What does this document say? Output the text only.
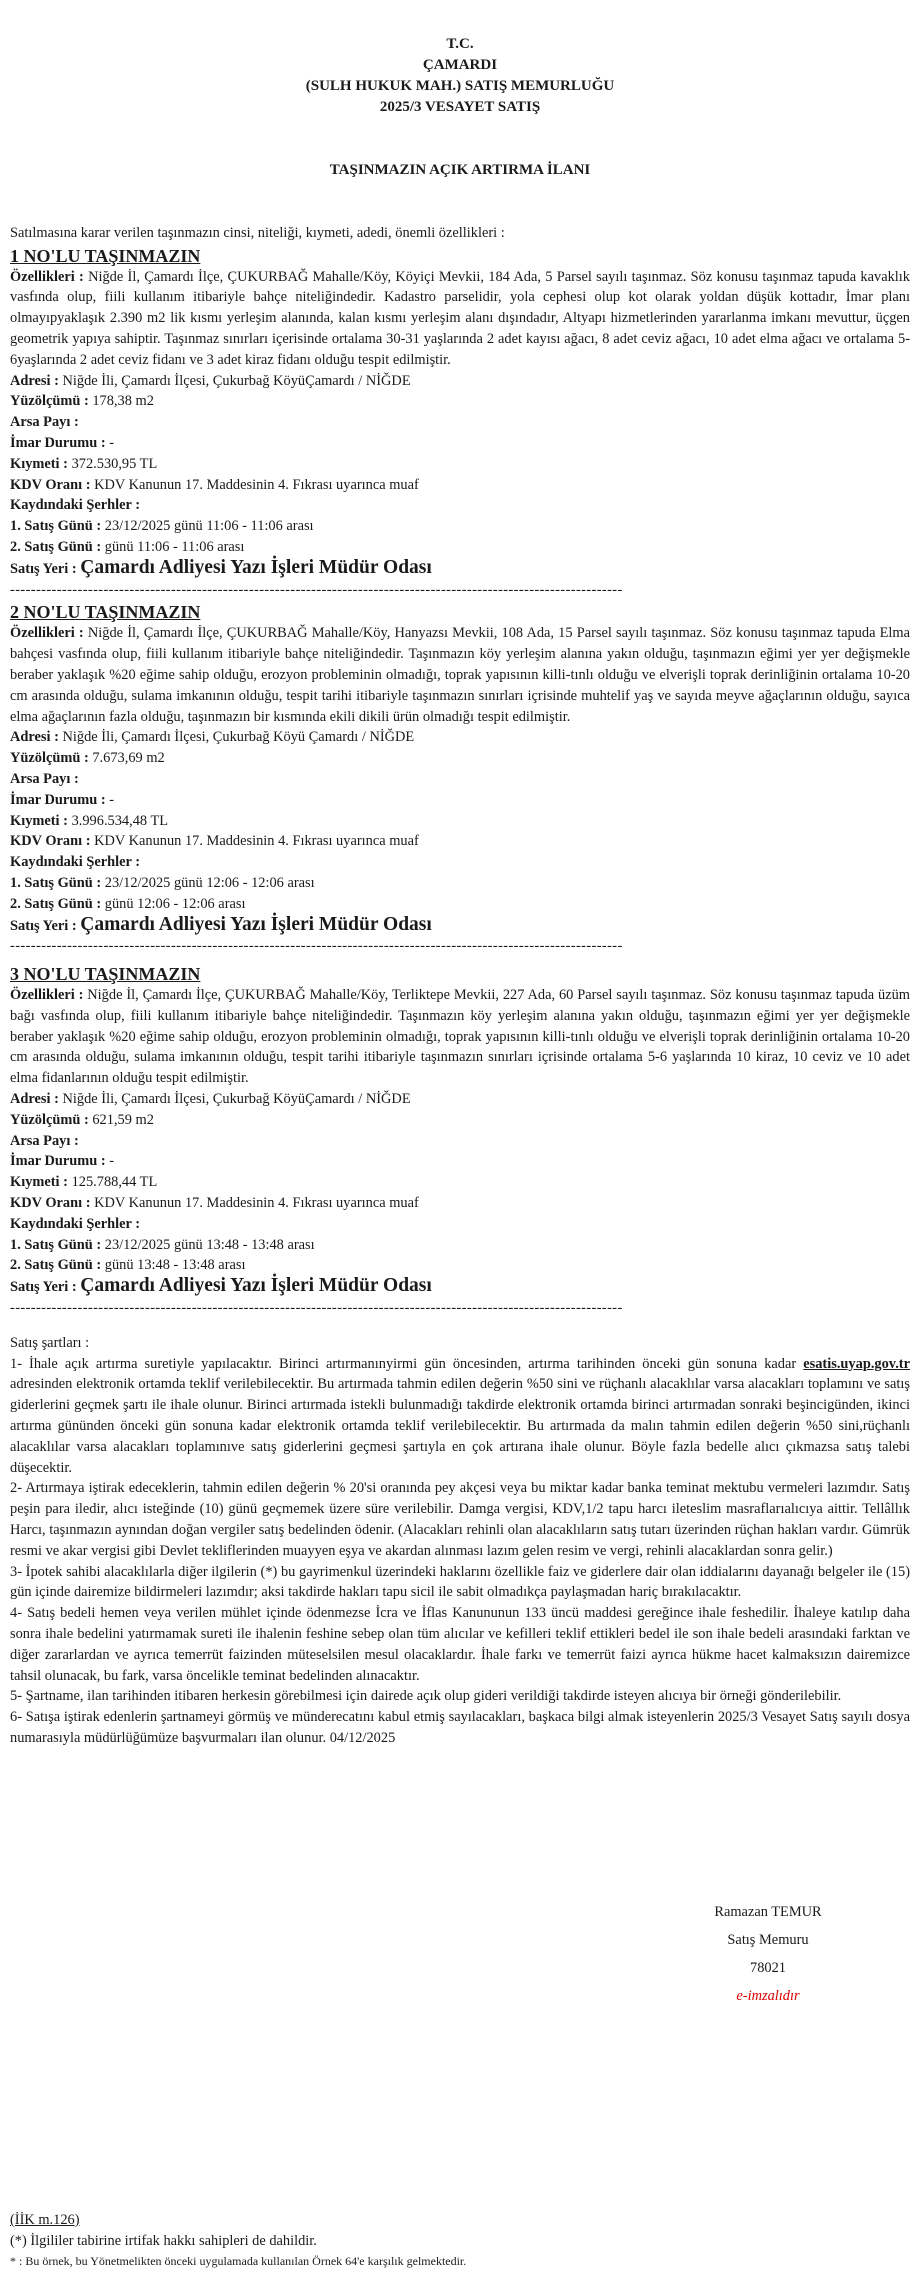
T.C.
ÇAMARDI
(SULH HUKUK MAH.) SATIŞ MEMURLUĞU
2025/3 VESAYET SATIŞ
TAŞINMAZIN AÇIK ARTIRMA İLANI
Satılmasına karar verilen taşınmazın cinsi, niteliği, kıymeti, adedi, önemli özellikleri :
1 NO'LU TAŞINMAZIN
Özellikleri : Niğde İl, Çamardı İlçe, ÇUKURBAĞ Mahalle/Köy, Köyiçi Mevkii, 184 Ada, 5 Parsel sayılı taşınmaz. Söz konusu taşınmaz tapuda kavaklık vasfında olup, fiili kullanım itibariyle bahçe niteliğindedir. Kadastro parselidir, yola cephesi olup kot olarak yoldan düşük kottadır, İmar planı olmayıpyaklaşık 2.390 m2 lik kısmı yerleşim alanında, kalan kısmı yerleşim alanı dışındadır, Altyapı hizmetlerinden yararlanma imkanı mevuttur, üçgen geometrik yapıya sahiptir. Taşınmaz sınırları içerisinde ortalama 30-31 yaşlarında 2 adet kayısı ağacı, 8 adet ceviz ağacı, 10 adet elma ağacı ve ortalama 5-6yaşlarında 2 adet ceviz fidanı ve 3 adet kiraz fidanı olduğu tespit edilmiştir.
Adresi : Niğde İli, Çamardı İlçesi, Çukurbağ KöyüÇamardı / NİĞDE
Yüzölçümü : 178,38 m2
Arsa Payı :
İmar Durumu : -
Kıymeti : 372.530,95 TL
KDV Oranı : KDV Kanunun 17. Maddesinin 4. Fıkrası uyarınca muaf
Kaydındaki Şerhler :
1. Satış Günü : 23/12/2025 günü 11:06 - 11:06 arası
2. Satış Günü : günü 11:06 - 11:06 arası
Satış Yeri : Çamardı Adliyesi Yazı İşleri Müdür Odası
----------------------------------------------------------------------------------------------------------------------
2 NO'LU TAŞINMAZIN
Özellikleri : Niğde İl, Çamardı İlçe, ÇUKURBAĞ Mahalle/Köy, Hanyazsı Mevkii, 108 Ada, 15 Parsel sayılı taşınmaz. Söz konusu taşınmaz tapuda Elma bahçesi vasfında olup, fiili kullanım itibariyle bahçe niteliğindedir. Taşınmazın köy yerleşim alanına yakın olduğu, taşınmazın eğimi yer yer değişmekle beraber yaklaşık %20 eğime sahip olduğu, erozyon probleminin olmadığı, toprak yapısının killi-tınlı olduğu ve elverişli toprak derinliğinin ortalama 10-20 cm arasında olduğu, sulama imkanının olduğu, tespit tarihi itibariyle taşınmazın sınırları içrisinde muhtelif yaş ve sayıda meyve ağaçlarının olduğu, sayıca elma ağaçlarının fazla olduğu, taşınmazın bir kısmında ekili dikili ürün olmadığı tespit edilmiştir.
Adresi : Niğde İli, Çamardı İlçesi, Çukurbağ Köyü Çamardı / NİĞDE
Yüzölçümü : 7.673,69 m2
Arsa Payı :
İmar Durumu : -
Kıymeti : 3.996.534,48 TL
KDV Oranı : KDV Kanunun 17. Maddesinin 4. Fıkrası uyarınca muaf
Kaydındaki Şerhler :
1. Satış Günü : 23/12/2025 günü 12:06 - 12:06 arası
2. Satış Günü : günü 12:06 - 12:06 arası
Satış Yeri : Çamardı Adliyesi Yazı İşleri Müdür Odası
----------------------------------------------------------------------------------------------------------------------
3 NO'LU TAŞINMAZIN
Özellikleri : Niğde İl, Çamardı İlçe, ÇUKURBAĞ Mahalle/Köy, Terliktepe Mevkii, 227 Ada, 60 Parsel sayılı taşınmaz. Söz konusu taşınmaz tapuda üzüm bağı vasfında olup, fiili kullanım itibariyle bahçe niteliğindedir. Taşınmazın köy yerleşim alanına yakın olduğu, taşınmazın eğimi yer yer değişmekle beraber yaklaşık %20 eğime sahip olduğu, erozyon probleminin olmadığı, toprak yapısının killi-tınlı olduğu ve elverişli toprak derinliğinin ortalama 10-20 cm arasında olduğu, sulama imkanının olduğu, tespit tarihi itibariyle taşınmazın sınırları içrisinde ortalama 5-6 yaşlarında 10 kiraz, 10 ceviz ve 10 adet elma fidanlarının olduğu tespit edilmiştir.
Adresi : Niğde İli, Çamardı İlçesi, Çukurbağ KöyüÇamardı / NİĞDE
Yüzölçümü : 621,59 m2
Arsa Payı :
İmar Durumu : -
Kıymeti : 125.788,44 TL
KDV Oranı : KDV Kanunun 17. Maddesinin 4. Fıkrası uyarınca muaf
Kaydındaki Şerhler :
1. Satış Günü : 23/12/2025 günü 13:48 - 13:48 arası
2. Satış Günü : günü 13:48 - 13:48 arası
Satış Yeri : Çamardı Adliyesi Yazı İşleri Müdür Odası
----------------------------------------------------------------------------------------------------------------------
Satış şartları :
1- İhale açık artırma suretiyle yapılacaktır. Birinci artırmanınyirmi gün öncesinden, artırma tarihinden önceki gün sonuna kadar esatis.uyap.gov.tr adresinden elektronik ortamda teklif verilebilecektir. Bu artırmada tahmin edilen değerin %50 sini ve rüçhanlı alacaklılar varsa alacakları toplamını ve satış giderlerini geçmek şartı ile ihale olunur. Birinci artırmada istekli bulunmadığı takdirde elektronik ortamda birinci artırmadan sonraki beşincigünden, ikinci artırma gününden önceki gün sonuna kadar elektronik ortamda teklif verilebilecektir. Bu artırmada da malın tahmin edilen değerin %50 sini,rüçhanlı alacaklılar varsa alacakları toplamınıve satış giderlerini geçmesi şartıyla en çok artırana ihale olunur. Böyle fazla bedelle alıcı çıkmazsa satış talebi düşecektir.
2- Artırmaya iştirak edeceklerin, tahmin edilen değerin % 20'si oranında pey akçesi veya bu miktar kadar banka teminat mektubu vermeleri lazımdır. Satış peşin para iledir, alıcı isteğinde (10) günü geçmemek üzere süre verilebilir. Damga vergisi, KDV,1/2 tapu harcı ileteslim masraflarıalıcıya aittir. Tellâllık Harcı, taşınmazın aynından doğan vergiler satış bedelinden ödenir. (Alacakları rehinli olan alacaklıların satış tutarı üzerinden rüçhan hakları vardır. Gümrük resmi ve akar vergisi gibi Devlet tekliflerinden muayyen eşya ve akardan alınması lazım gelen resim ve vergi, rehinli alacaklardan sonra gelir.)
3- İpotek sahibi alacaklılarla diğer ilgilerin (*) bu gayrimenkul üzerindeki haklarını özellikle faiz ve giderlere dair olan iddialarını dayanağı belgeler ile (15) gün içinde dairemize bildirmeleri lazımdır; aksi takdirde hakları tapu sicil ile sabit olmadıkça paylaşmadan hariç bırakılacaktır.
4- Satış bedeli hemen veya verilen mühlet içinde ödenmezse İcra ve İflas Kanununun 133 üncü maddesi gereğince ihale feshedilir. İhaleye katılıp daha sonra ihale bedelini yatırmamak sureti ile ihalenin feshine sebep olan tüm alıcılar ve kefilleri teklif ettikleri bedel ile son ihale bedeli arasındaki farktan ve diğer zararlardan ve ayrıca temerrüt faizinden müteselsilen mesul olacaklardır. İhale farkı ve temerrüt faizi ayrıca hükme hacet kalmaksızın dairemizce tahsil olunacak, bu fark, varsa öncelikle teminat bedelinden alınacaktır.
5- Şartname, ilan tarihinden itibaren herkesin görebilmesi için dairede açık olup gideri verildiği takdirde isteyen alıcıya bir örneği gönderilebilir.
6- Satışa iştirak edenlerin şartnameyi görmüş ve münderecatını kabul etmiş sayılacakları, başkaca bilgi almak isteyenlerin 2025/3 Vesayet Satış sayılı dosya numarasıyla müdürlüğümüze başvurmaları ilan olunur. 04/12/2025
Ramazan TEMUR
Satış Memuru
78021
e-imzalıdır
(İİK m.126)
(*) İlgililer tabirine irtifak hakkı sahipleri de dahildir.
* : Bu örnek, bu Yönetmelikten önceki uygulamada kullanılan Örnek 64'e karşılık gelmektedir.
